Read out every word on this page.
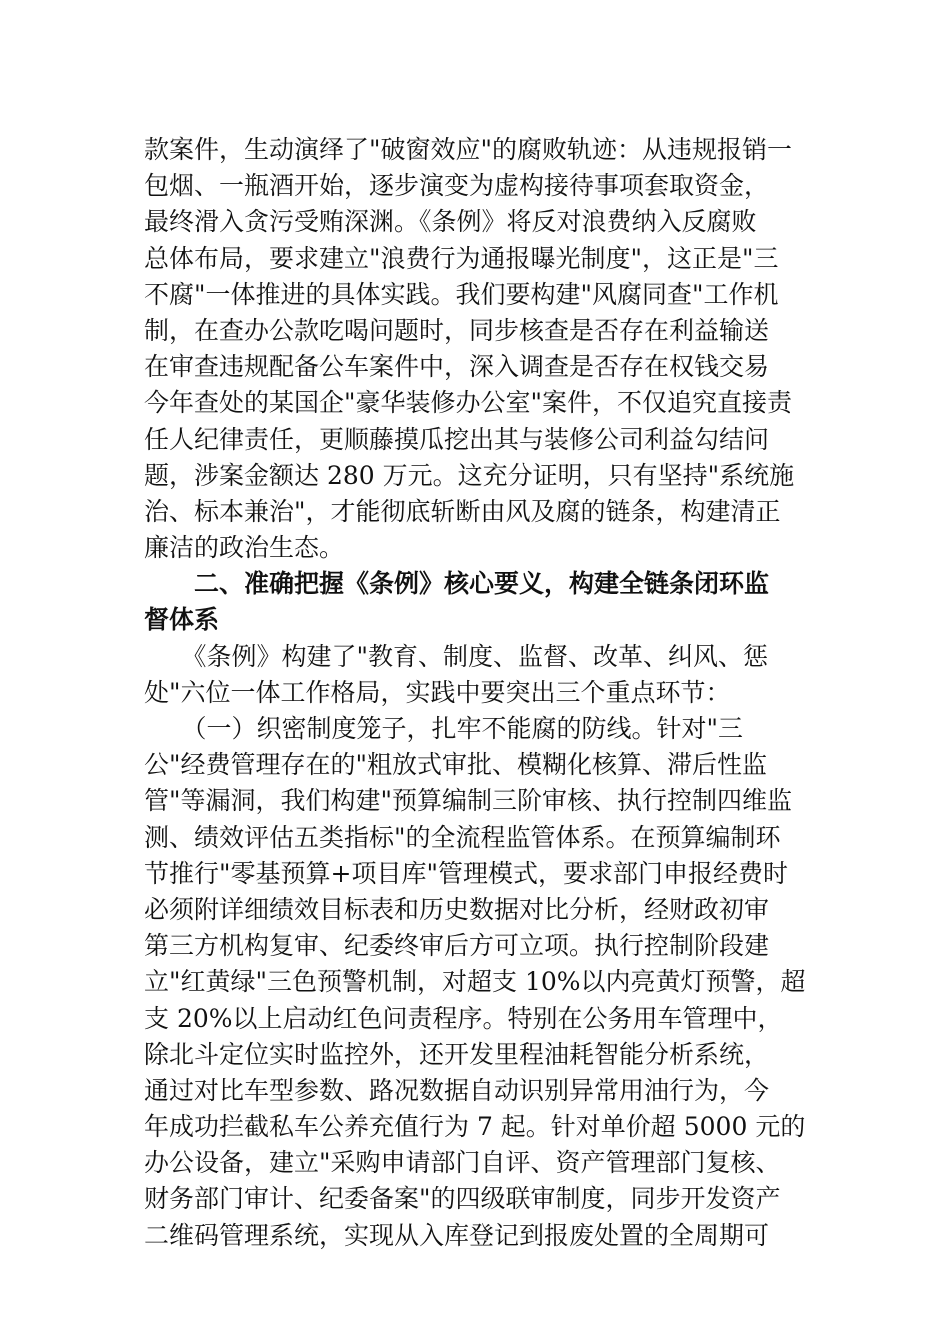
款案件，生动演绎了"破窗效应"的腐败轨迹：从违规报销一
包烟、一瓶酒开始，逐步演变为虚构接待事项套取资金，
最终滑入贪污受贿深渊。《条例》将反对浪费纳入反腐败
总体布局，要求建立"浪费行为通报曝光制度"，这正是"三
不腐"一体推进的具体实践。我们要构建"风腐同查"工作机
制，在查办公款吃喝问题时，同步核查是否存在利益输送
在审查违规配备公车案件中，深入调查是否存在权钱交易
今年查处的某国企"豪华装修办公室"案件，不仅追究直接责
任人纪律责任，更顺藤摸瓜挖出其与装修公司利益勾结问
题，涉案金额达 280 万元。这充分证明，只有坚持"系统施
治、标本兼治"，才能彻底斩断由风及腐的链条，构建清正
廉洁的政治生态。
　　二、准确把握《条例》核心要义，构建全链条闭环监
督体系
　　《条例》构建了"教育、制度、监督、改革、纠风、惩
处"六位一体工作格局，实践中要突出三个重点环节：
　　（一）织密制度笼子，扎牢不能腐的防线。针对"三
公"经费管理存在的"粗放式审批、模糊化核算、滞后性监
管"等漏洞，我们构建"预算编制三阶审核、执行控制四维监
测、绩效评估五类指标"的全流程监管体系。在预算编制环
节推行"零基预算+项目库"管理模式，要求部门申报经费时
必须附详细绩效目标表和历史数据对比分析，经财政初审
第三方机构复审、纪委终审后方可立项。执行控制阶段建
立"红黄绿"三色预警机制，对超支 10%以内亮黄灯预警，超
支 20%以上启动红色问责程序。特别在公务用车管理中，
除北斗定位实时监控外，还开发里程油耗智能分析系统，
通过对比车型参数、路况数据自动识别异常用油行为，今
年成功拦截私车公养充值行为 7 起。针对单价超 5000 元的
办公设备，建立"采购申请部门自评、资产管理部门复核、
财务部门审计、纪委备案"的四级联审制度，同步开发资产
二维码管理系统，实现从入库登记到报废处置的全周期可
